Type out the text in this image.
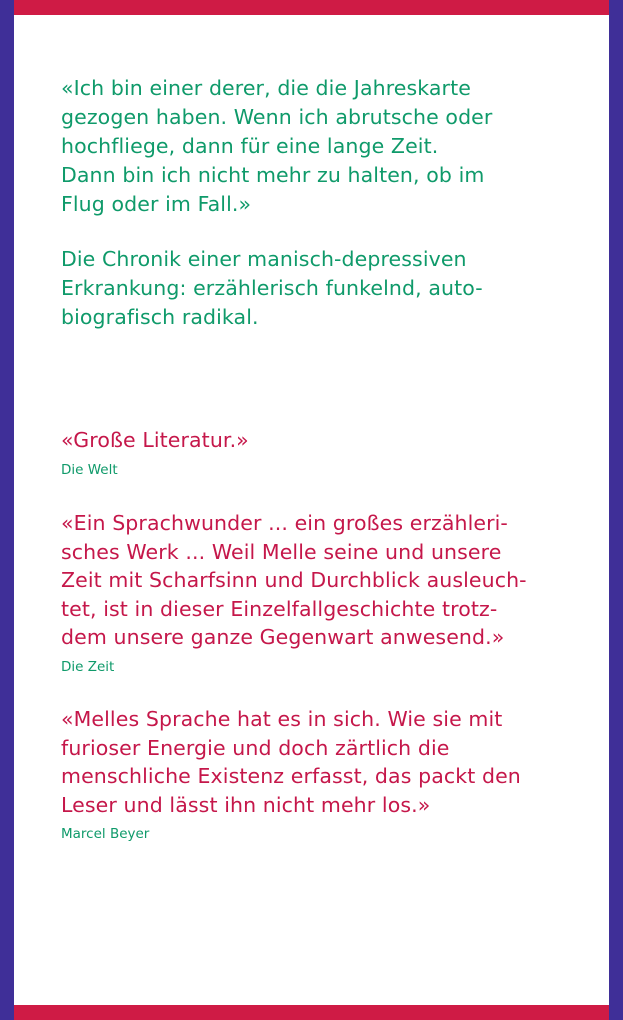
«Ich bin einer derer, die die Jahreskarte
gezogen haben. Wenn ich abrutsche oder
hochfliege, dann für eine lange Zeit.
Dann bin ich nicht mehr zu halten, ob im
Flug oder im Fall.»

Die Chronik einer manisch-depressiven
Erkrankung: erzählerisch funkelnd, auto-
biografisch radikal.

«Große Literatur.»

Die Welt

«Ein Sprachwunder ... ein großes erzähleri-
sches Werk ... Weil Melle seine und unsere
Zeit mit Scharfsinn und Durchblick ausleuch-
tet, ist in dieser Einzelfallgeschichte trotz-
dem unsere ganze Gegenwart anwesend.»

Die Zeit

«Melles Sprache hat es in sich. Wie sie mit
furioser Energie und doch zärtlich die
menschliche Existenz erfasst, das packt den
Leser und lässt ihn nicht mehr los.»

Marcel Beyer
